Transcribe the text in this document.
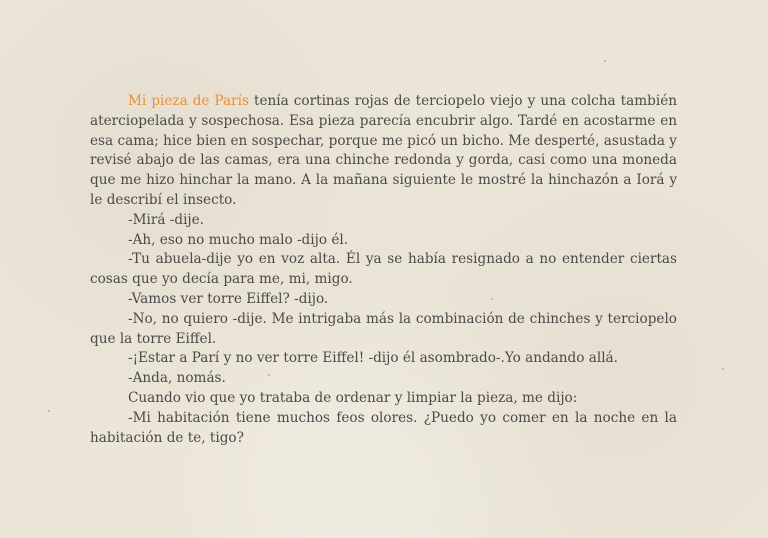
Mi pieza de París tenía cortinas rojas de terciopelo viejo y una colcha también aterciopelada y sospechosa. Esa pieza parecía encubrir algo. Tardé en acostarme en esa cama; hice bien en sospechar, porque me picó un bicho. Me desperté, asustada y revisé abajo de las camas, era una chinche redonda y gorda, casi como una moneda que me hizo hinchar la mano. A la mañana siguiente le mostré la hinchazón a Iorá y le describí el insecto.

-Mirá -dije.

-Ah, eso no mucho malo -dijo él.

-Tu abuela-dije yo en voz alta. Él ya se había resignado a no entender ciertas cosas que yo decía para me, mi, migo.

-Vamos ver torre Eiffel? -dijo.

-No, no quiero -dije. Me intrigaba más la combinación de chinches y terciopelo que la torre Eiffel.

-¡Estar a Parí y no ver torre Eiffel! -dijo él asombrado-.Yo andando allá.

-Anda, nomás.

Cuando vio que yo trataba de ordenar y limpiar la pieza, me dijo:

-Mi habitación tiene muchos feos olores. ¿Puedo yo comer en la noche en la habitación de te, tigo?
